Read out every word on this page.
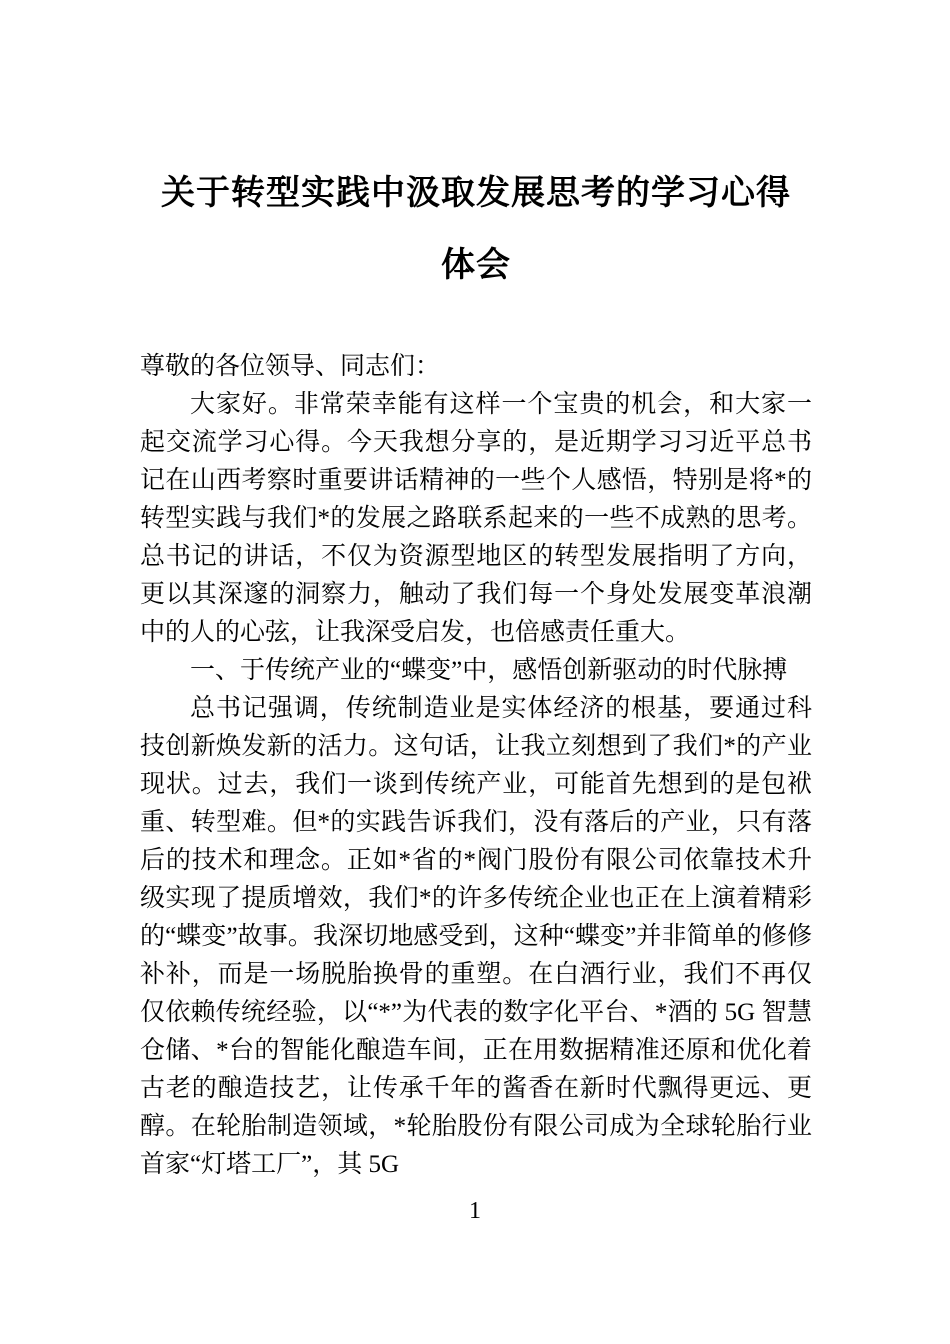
关于转型实践中汲取发展思考的学习心得
体会

尊敬的各位领导、同志们：

大家好。非常荣幸能有这样一个宝贵的机会，和大家一起交流学习心得。今天我想分享的，是近期学习习近平总书记在山西考察时重要讲话精神的一些个人感悟，特别是将*的转型实践与我们*的发展之路联系起来的一些不成熟的思考。总书记的讲话，不仅为资源型地区的转型发展指明了方向，更以其深邃的洞察力，触动了我们每一个身处发展变革浪潮中的人的心弦，让我深受启发，也倍感责任重大。

一、于传统产业的“蝶变”中，感悟创新驱动的时代脉搏

总书记强调，传统制造业是实体经济的根基，要通过科技创新焕发新的活力。这句话，让我立刻想到了我们*的产业现状。过去，我们一谈到传统产业，可能首先想到的是包袱重、转型难。但*的实践告诉我们，没有落后的产业，只有落后的技术和理念。正如*省的*阀门股份有限公司依靠技术升级实现了提质增效，我们*的许多传统企业也正在上演着精彩的“蝶变”故事。我深切地感受到，这种“蝶变”并非简单的修修补补，而是一场脱胎换骨的重塑。在白酒行业，我们不再仅仅依赖传统经验，以“*”为代表的数字化平台、*酒的 5G 智慧仓储、*台的智能化酿造车间，正在用数据精准还原和优化着古老的酿造技艺，让传承千年的酱香在新时代飘得更远、更醇。在轮胎制造领域，*轮胎股份有限公司成为全球轮胎行业首家“灯塔工厂”，其 5G

1
